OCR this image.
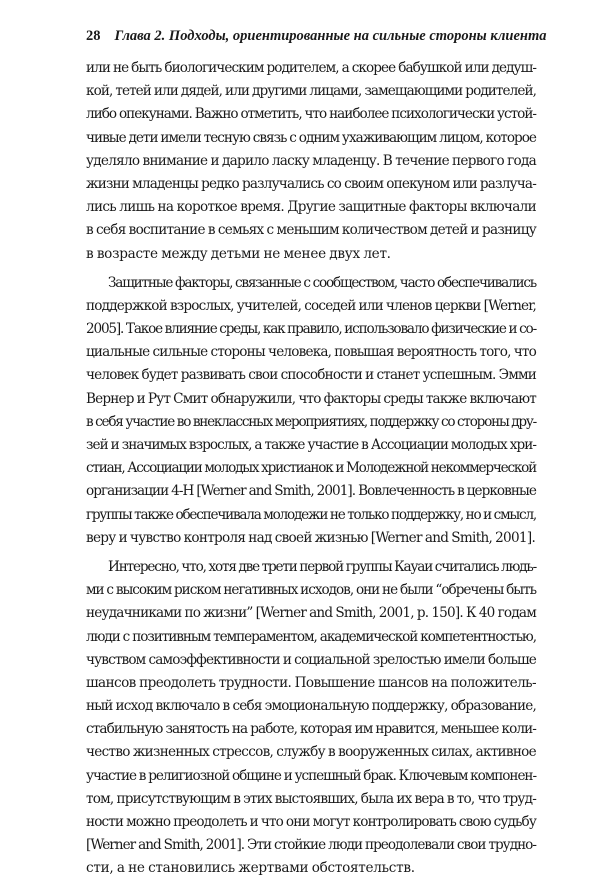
28 Глава 2. Подходы, ориентированные на сильные стороны клиента
или не быть биологическим родителем, а скорее бабушкой или дедуш-
кой, тетей или дядей, или другими лицами, замещающими родителей,
либо опекунами. Важно отметить, что наиболее психологически устой-
чивые дети имели тесную связь с одним ухаживающим лицом, которое
уделяло внимание и дарило ласку младенцу. В течение первого года
жизни младенцы редко разлучались со своим опекуном или разлуча-
лись лишь на короткое время. Другие защитные факторы включали
в себя воспитание в семьях с меньшим количеством детей и разницу
в возрасте между детьми не менее двух лет.
Защитные факторы, связанные с сообществом, часто обеспечивались
поддержкой взрослых, учителей, соседей или членов церкви [Werner,
2005]. Такое влияние среды, как правило, использовало физические и со-
циальные сильные стороны человека, повышая вероятность того, что
человек будет развивать свои способности и станет успешным. Эмми
Вернер и Рут Смит обнаружили, что факторы среды также включают
в себя участие во внеклассных мероприятиях, поддержку со стороны дру-
зей и значимых взрослых, а также участие в Ассоциации молодых хри-
стиан, Ассоциации молодых христианок и Молодежной некоммерческой
организации 4-H [Werner and Smith, 2001]. Вовлеченность в церковные
группы также обеспечивала молодежи не только поддержку, но и смысл,
веру и чувство контроля над своей жизнью [Werner and Smith, 2001].
Интересно, что, хотя две трети первой группы Кауаи считались людь-
ми с высоким риском негативных исходов, они не были “обречены быть
неудачниками по жизни” [Werner and Smith, 2001, p. 150]. К 40 годам
люди с позитивным темпераментом, академической компетентностью,
чувством самоэффективности и социальной зрелостью имели больше
шансов преодолеть трудности. Повышение шансов на положитель-
ный исход включало в себя эмоциональную поддержку, образование,
стабильную занятость на работе, которая им нравится, меньшее коли-
чество жизненных стрессов, службу в вооруженных силах, активное
участие в религиозной общине и успешный брак. Ключевым компонен-
том, присутствующим в этих выстоявших, была их вера в то, что труд-
ности можно преодолеть и что они могут контролировать свою судьбу
[Werner and Smith, 2001]. Эти стойкие люди преодолевали свои трудно-
сти, а не становились жертвами обстоятельств.
